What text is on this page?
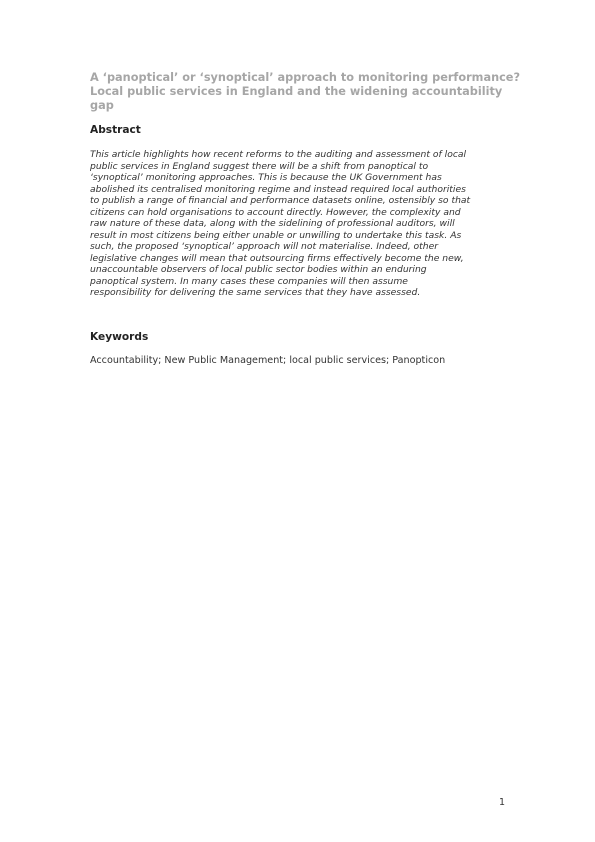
A ‘panoptical’ or ‘synoptical’ approach to monitoring performance?
Local public services in England and the widening accountability
gap
Abstract
This article highlights how recent reforms to the auditing and assessment of local
public services in England suggest there will be a shift from panoptical to
‘synoptical’ monitoring approaches. This is because the UK Government has
abolished its centralised monitoring regime and instead required local authorities
to publish a range of financial and performance datasets online, ostensibly so that
citizens can hold organisations to account directly. However, the complexity and
raw nature of these data, along with the sidelining of professional auditors, will
result in most citizens being either unable or unwilling to undertake this task. As
such, the proposed ‘synoptical’ approach will not materialise. Indeed, other
legislative changes will mean that outsourcing firms effectively become the new,
unaccountable observers of local public sector bodies within an enduring
panoptical system. In many cases these companies will then assume
responsibility for delivering the same services that they have assessed.
Keywords

Accountability; New Public Management; local public services; Panopticon

1
